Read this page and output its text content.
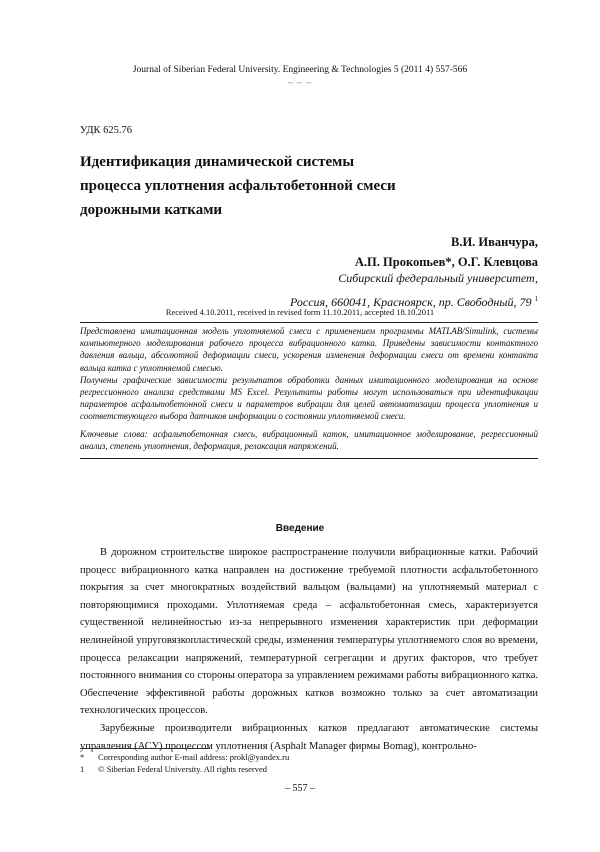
Journal of Siberian Federal University. Engineering & Technologies 5 (2011 4) 557-566
~ ~ ~
УДК 625.76
Идентификация динамической системы
процесса уплотнения асфальтобетонной смеси
дорожными катками
В.И. Иванчура,
А.П. Прокопьев*, О.Г. Клевцова
Сибирский федеральный университет,
Россия, 660041, Красноярск, пр. Свободный, 79 $^1$
Received 4.10.2011, received in revised form 11.10.2011, accepted 18.10.2011

Представлена имитационная модель уплотняемой смеси с применением программы MATLAB/Simulink, системы компьютерного моделирования рабочего процесса вибрационного катка. Приведены зависимости контактного давления вальца, абсолютной деформации смеси, ускорения изменения деформации смеси от времени контакта вальца катка с уплотняемой смесью.

Получены графические зависимости результатов обработки данных имитационного моделирования на основе регрессионного анализа средствами MS Excel. Результаты работы могут использоваться при идентификации параметров асфальтобетонной смеси и параметров вибрации для целей автоматизации процесса уплотнения и соответствующего выбора датчиков информации о состоянии уплотняемой смеси.

Ключевые слова: асфальтобетонная смесь, вибрационный каток, имитационное моделирование, регрессионный анализ, степень уплотнения, деформация, релаксация напряжений.

Введение

В дорожном строительстве широкое распространение получили вибрационные катки. Рабочий процесс вибрационного катка направлен на достижение требуемой плотности асфальтобетонного покрытия за счет многократных воздействий вальцом (вальцами) на уплотняемый материал с повторяющимися проходами. Уплотняемая среда – асфальтобетонная смесь, характеризуется существенной нелинейностью из-за непрерывного изменения характеристик при деформации нелинейной упруговязкопластической среды, изменения температуры уплотняемого слоя во времени, процесса релаксации напряжений, температурной сегрегации и других факторов, что требует постоянного внимания со стороны оператора за управлением режимами работы вибрационного катка. Обеспечение эффективной работы дорожных катков возможно только за счет автоматизации технологических процессов.

Зарубежные производители вибрационных катков предлагают автоматические системы управления (АСУ) процессом уплотнения (Asphalt Manager фирмы Bomag), контрольно-

*	Corresponding author E-mail address: prokl@yandex.ru
1	© Siberian Federal University. All rights reserved
– 557 –
